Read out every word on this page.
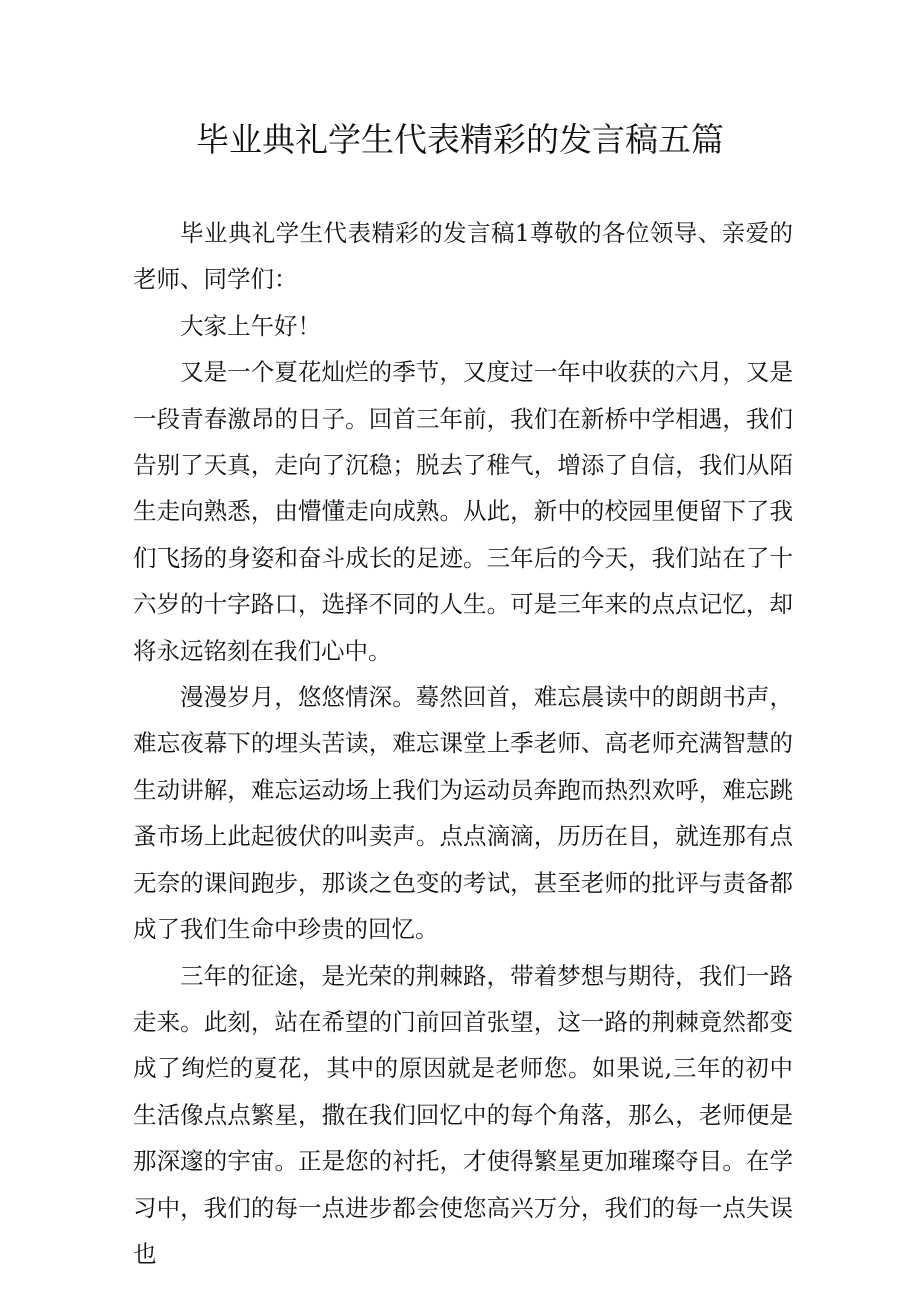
毕业典礼学生代表精彩的发言稿五篇

毕业典礼学生代表精彩的发言稿1尊敬的各位领导、亲爱的老师、同学们：

大家上午好！

又是一个夏花灿烂的季节，又度过一年中收获的六月，又是一段青春激昂的日子。回首三年前，我们在新桥中学相遇，我们告别了天真，走向了沉稳；脱去了稚气，增添了自信，我们从陌生走向熟悉，由懵懂走向成熟。从此，新中的校园里便留下了我们飞扬的身姿和奋斗成长的足迹。三年后的今天，我们站在了十六岁的十字路口，选择不同的人生。可是三年来的点点记忆，却将永远铭刻在我们心中。

漫漫岁月，悠悠情深。蓦然回首，难忘晨读中的朗朗书声，难忘夜幕下的埋头苦读，难忘课堂上季老师、高老师充满智慧的生动讲解，难忘运动场上我们为运动员奔跑而热烈欢呼，难忘跳蚤市场上此起彼伏的叫卖声。点点滴滴，历历在目，就连那有点无奈的课间跑步，那谈之色变的考试，甚至老师的批评与责备都成了我们生命中珍贵的回忆。

三年的征途，是光荣的荆棘路，带着梦想与期待，我们一路走来。此刻，站在希望的门前回首张望，这一路的荆棘竟然都变成了绚烂的夏花，其中的原因就是老师您。如果说,三年的初中生活像点点繁星，撒在我们回忆中的每个角落，那么，老师便是那深邃的宇宙。正是您的衬托，才使得繁星更加璀璨夺目。在学习中，我们的每一点进步都会使您高兴万分，我们的每一点失误也
